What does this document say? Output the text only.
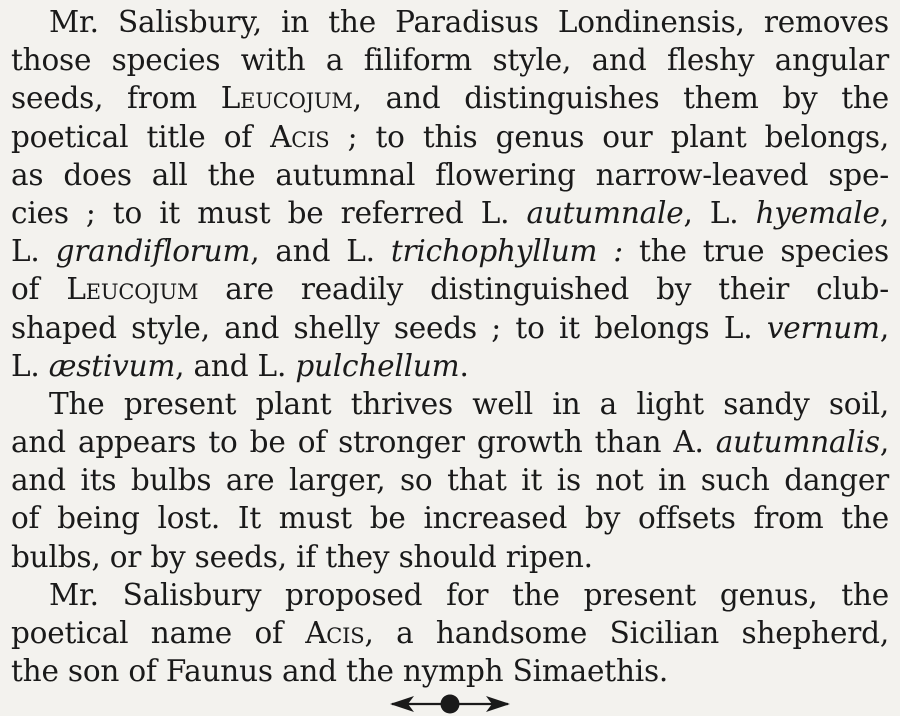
Mr. Salisbury, in the Paradisus Londinensis, removes
those species with a filiform style, and fleshy angular
seeds, from Leucojum, and distinguishes them by the
poetical title of Acis ; to this genus our plant belongs,
as does all the autumnal flowering narrow-leaved spe-
cies ; to it must be referred L. autumnale, L. hyemale,
L. grandiflorum, and L. trichophyllum : the true species
of Leucojum are readily distinguished by their club-
shaped style, and shelly seeds ; to it belongs L. vernum,
L. æstivum, and L. pulchellum.
The present plant thrives well in a light sandy soil,
and appears to be of stronger growth than A. autumnalis,
and its bulbs are larger, so that it is not in such danger
of being lost. It must be increased by offsets from the
bulbs, or by seeds, if they should ripen.
Mr. Salisbury proposed for the present genus, the
poetical name of Acis, a handsome Sicilian shepherd,
the son of Faunus and the nymph Simaethis.
